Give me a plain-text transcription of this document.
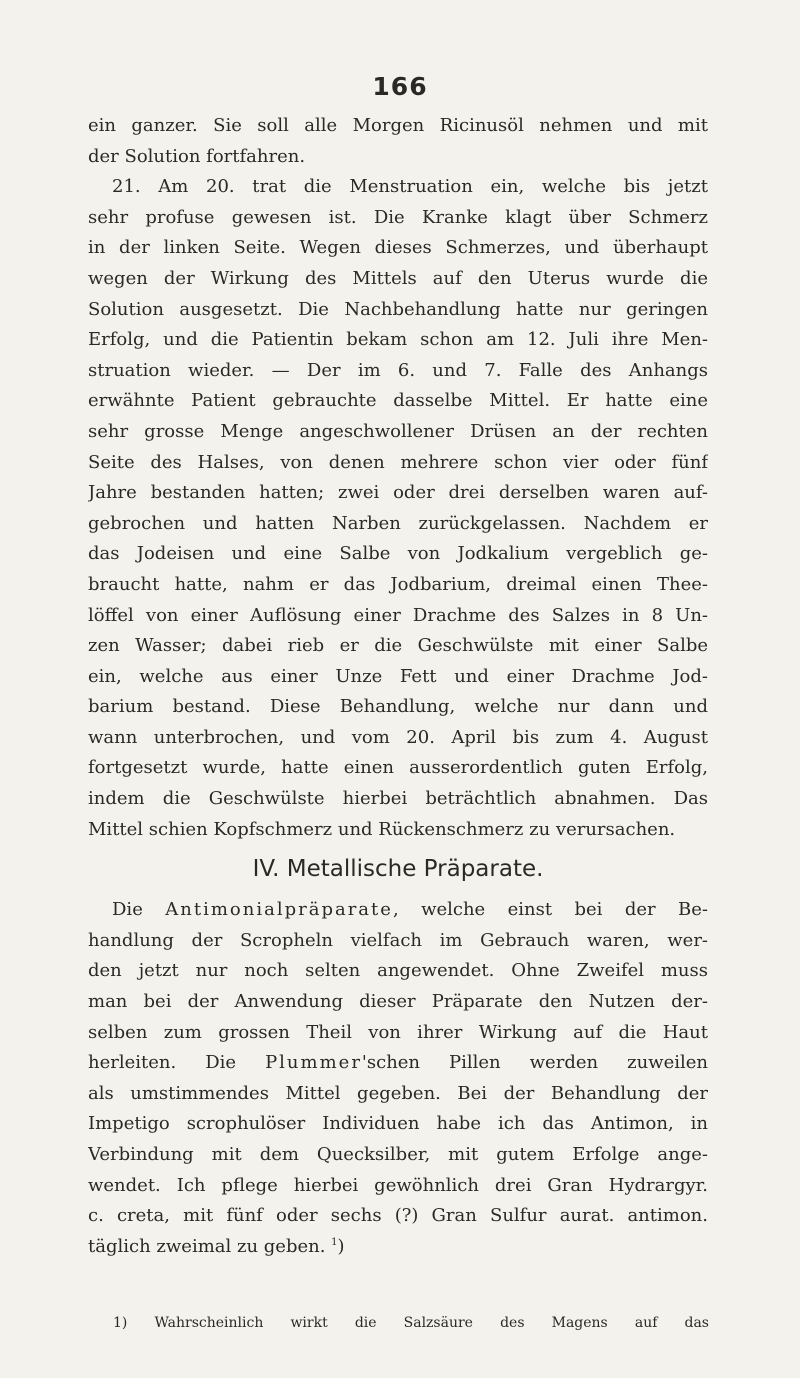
166
ein ganzer. Sie soll alle Morgen Ricinusöl nehmen und mit
der Solution fortfahren.
21. Am 20. trat die Menstruation ein, welche bis jetzt
sehr profuse gewesen ist. Die Kranke klagt über Schmerz
in der linken Seite. Wegen dieses Schmerzes, und überhaupt
wegen der Wirkung des Mittels auf den Uterus wurde die
Solution ausgesetzt. Die Nachbehandlung hatte nur geringen
Erfolg, und die Patientin bekam schon am 12. Juli ihre Men-
struation wieder. — Der im 6. und 7. Falle des Anhangs
erwähnte Patient gebrauchte dasselbe Mittel. Er hatte eine
sehr grosse Menge angeschwollener Drüsen an der rechten
Seite des Halses, von denen mehrere schon vier oder fünf
Jahre bestanden hatten; zwei oder drei derselben waren auf-
gebrochen und hatten Narben zurückgelassen. Nachdem er
das Jodeisen und eine Salbe von Jodkalium vergeblich ge-
braucht hatte, nahm er das Jodbarium, dreimal einen Thee-
löffel von einer Auflösung einer Drachme des Salzes in 8 Un-
zen Wasser; dabei rieb er die Geschwülste mit einer Salbe
ein, welche aus einer Unze Fett und einer Drachme Jod-
barium bestand. Diese Behandlung, welche nur dann und
wann unterbrochen, und vom 20. April bis zum 4. August
fortgesetzt wurde, hatte einen ausserordentlich guten Erfolg,
indem die Geschwülste hierbei beträchtlich abnahmen. Das
Mittel schien Kopfschmerz und Rückenschmerz zu verursachen.
IV. Metallische Präparate.
Die Antimonialpräparate, welche einst bei der Be-
handlung der Scropheln vielfach im Gebrauch waren, wer-
den jetzt nur noch selten angewendet. Ohne Zweifel muss
man bei der Anwendung dieser Präparate den Nutzen der-
selben zum grossen Theil von ihrer Wirkung auf die Haut
herleiten. Die Plummer'schen Pillen werden zuweilen
als umstimmendes Mittel gegeben. Bei der Behandlung der
Impetigo scrophulöser Individuen habe ich das Antimon, in
Verbindung mit dem Quecksilber, mit gutem Erfolge ange-
wendet. Ich pflege hierbei gewöhnlich drei Gran Hydrargyr.
c. creta, mit fünf oder sechs (?) Gran Sulfur aurat. antimon.
täglich zweimal zu geben. $^1$)
1) Wahrscheinlich wirkt die Salzsäure des Magens auf das
